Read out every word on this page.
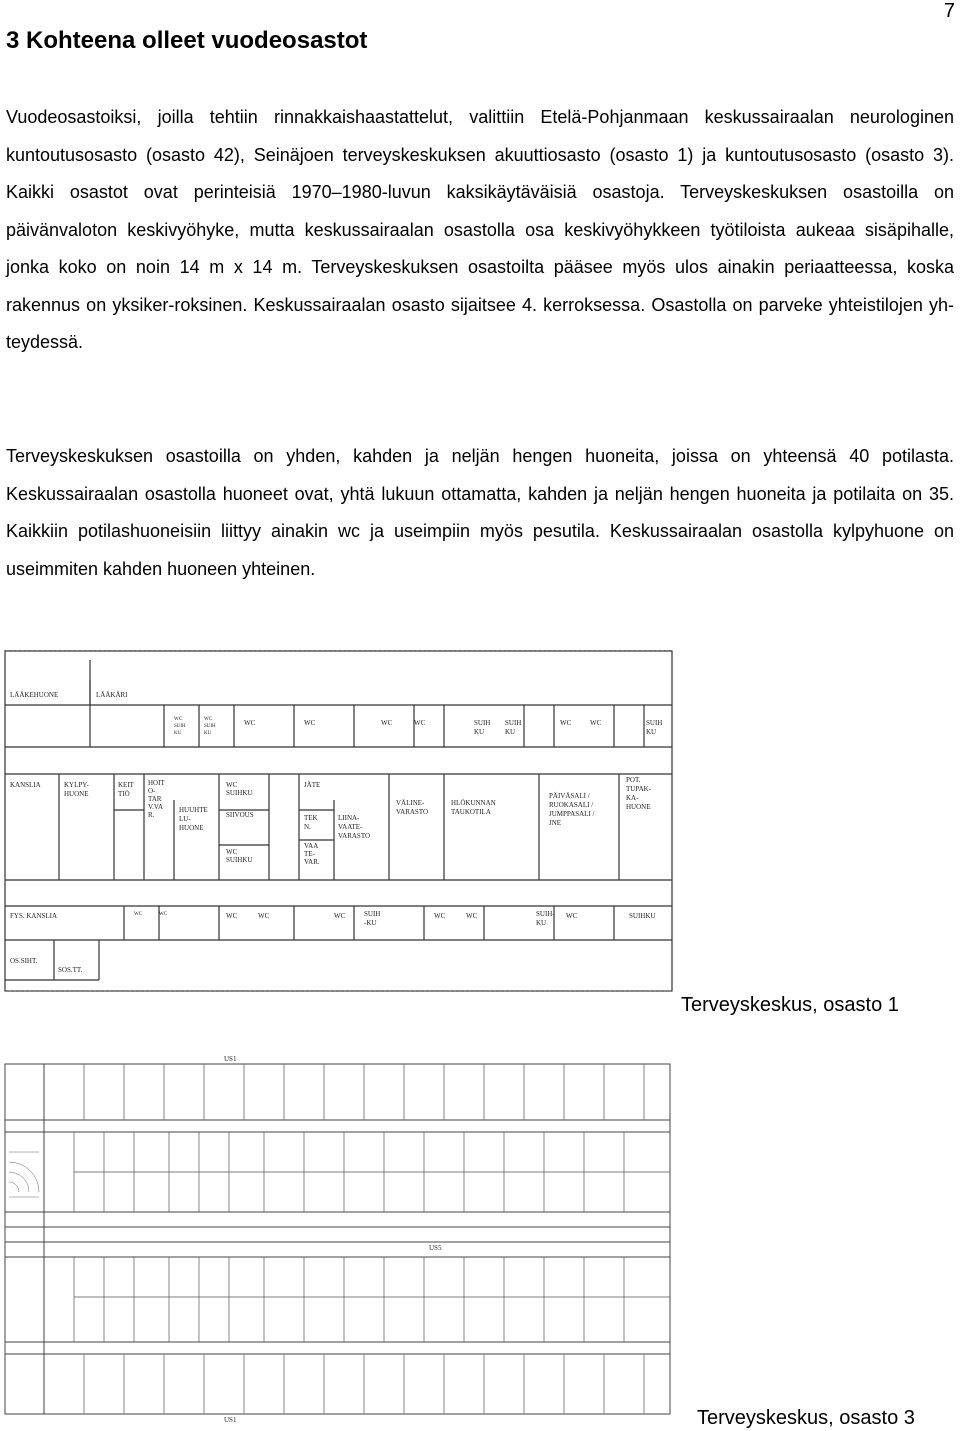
7
3 Kohteena olleet vuodeosastot

Vuodeosastoiksi, joilla tehtiin rinnakkaishaastattelut, valittiin Etelä-Pohjanmaan keskussairaalan neurologinen kuntoutusosasto (osasto 42), Seinäjoen terveyskeskuksen akuuttiosasto (osasto 1) ja kuntoutusosasto (osasto 3). Kaikki osastot ovat perinteisiä 1970–1980-luvun kaksikäytäväisiä osastoja. Terveyskeskuksen osastoilla on päivänvaloton keskivyöhyke, mutta keskussairaalan osastolla osa keskivyöhykkeen työtiloista aukeaa sisäpihalle, jonka koko on noin 14 m x 14 m. Terveyskeskuksen osastoilta pääsee myös ulos ainakin periaatteessa, koska rakennus on yksiker-roksinen. Keskussairaalan osasto sijaitsee 4. kerroksessa. Osastolla on parveke yhteistilojen yh-teydessä.

Terveyskeskuksen osastoilla on yhden, kahden ja neljän hengen huoneita, joissa on yhteensä 40 potilasta. Keskussairaalan osastolla huoneet ovat, yhtä lukuun ottamatta, kahden ja neljän hengen huoneita ja potilaita on 35. Kaikkiin potilashuoneisiin liittyy ainakin wc ja useimpiin myös pesutila. Keskussairaalan osastolla kylpyhuone on useimmiten kahden huoneen yhteinen.

LÄÄKEHUONE	LÄÄKÄRI
WC
SUIH
KU
WC
SUIH
KU
WC	WC	WC	WC	SUIH
KU
SUIH
KU
WC	WC	SUIH
KU
KANSLIA	KYLPY-
HUONE
KEIT
TIÖ
HOIT
O-
TAR
V.VA
R.
HUUHTE
LU-
HUONE
WC
SUIHKU
SIIVOUS
WC
SUIHKU
JÄTE
TEK
N.
VAA
TE-
VAR.
LIINA-
VAATE-
VARASTO
VÄLINE-
VARASTO
HLÖKUNNAN
TAUKOTILA
PÄIVÄSALI /
RUOKASALI /
JUMPPASALI /
JNE
POT.
TUPAK-
KA-
HUONE
FYS. KANSLIA	WC	WC	WC	WC	WC	SUIH
-KU
WC	WC	SUIH-
KU
WC	SUIHKU
OS.SIHT.
SOS.TT.
Terveyskeskus, osasto 1
US1
US5
US1	Terveyskeskus, osasto 3
